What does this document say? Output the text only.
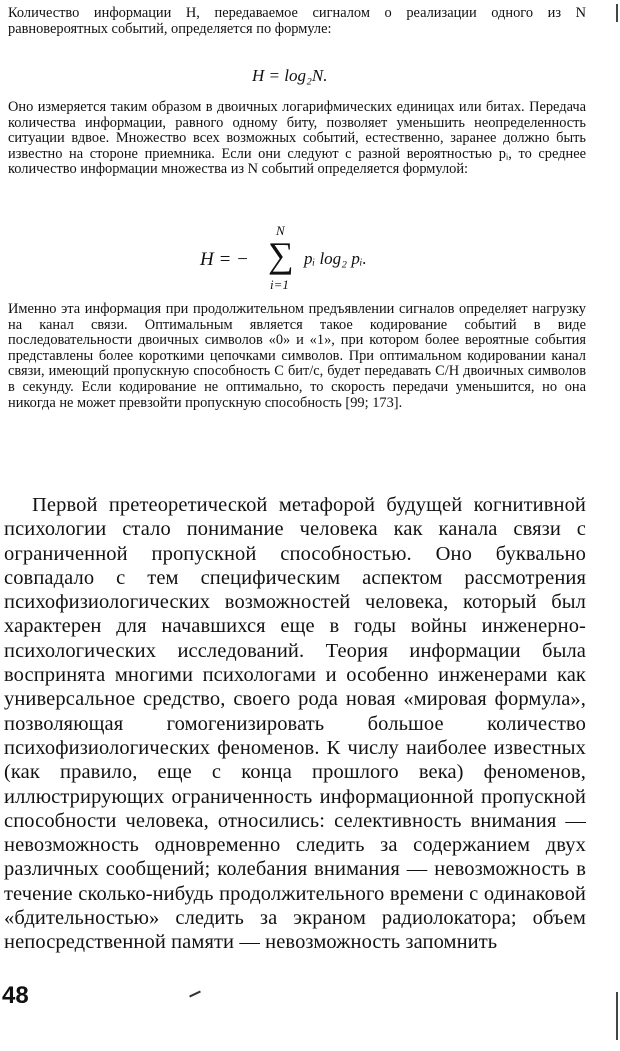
Количество информации H, передаваемое сигналом о реализации одного из N равновероятных событий, определяется по формуле:

H = log₂N.

Оно измеряется таким образом в двоичных логарифмических единицах или битах. Передача количества информации, равного одному биту, позволяет уменьшить неопределенность ситуации вдвое. Множество всех возможных событий, естественно, заранее должно быть известно на стороне приемника. Если они следуют с разной вероятностью pᵢ, то среднее количество информации множества из N событий определяется формулой:

H = −
N
∑
i=1
pᵢ log₂ pᵢ.

Именно эта информация при продолжительном предъявлении сигналов определяет нагрузку на канал связи. Оптимальным является такое кодирование событий в виде последовательности двоичных символов «0» и «1», при котором более вероятные события представлены более короткими цепочками символов. При оптимальном кодировании канал связи, имеющий пропускную способность C бит/с, будет передавать C/H двоичных символов в секунду. Если кодирование не оптимально, то скорость передачи уменьшится, но она никогда не может превзойти пропускную способность [99; 173].

Первой претеоретической метафорой будущей когнитивной психологии стало понимание человека как канала связи с ограниченной пропускной способностью. Оно буквально совпадало с тем специфическим аспектом рассмотрения психофизиологических возможностей человека, который был характерен для начавшихся еще в годы войны инженерно-психологических исследований. Теория информации была воспринята многими психологами и особенно инженерами как универсальное средство, своего рода новая «мировая формула», позволяющая гомогенизировать большое количество психофизиологических феноменов. К числу наиболее известных (как правило, еще с конца прошлого века) феноменов, иллюстрирующих ограниченность информационной пропускной способности человека, относились: селективность внимания — невозможность одновременно следить за содержанием двух различных сообщений; колебания внимания — невозможность в течение сколько-нибудь продолжительного времени с одинаковой «бдительностью» следить за экраном радиолокатора; объем непосредственной памяти — невозможность запомнить

48
